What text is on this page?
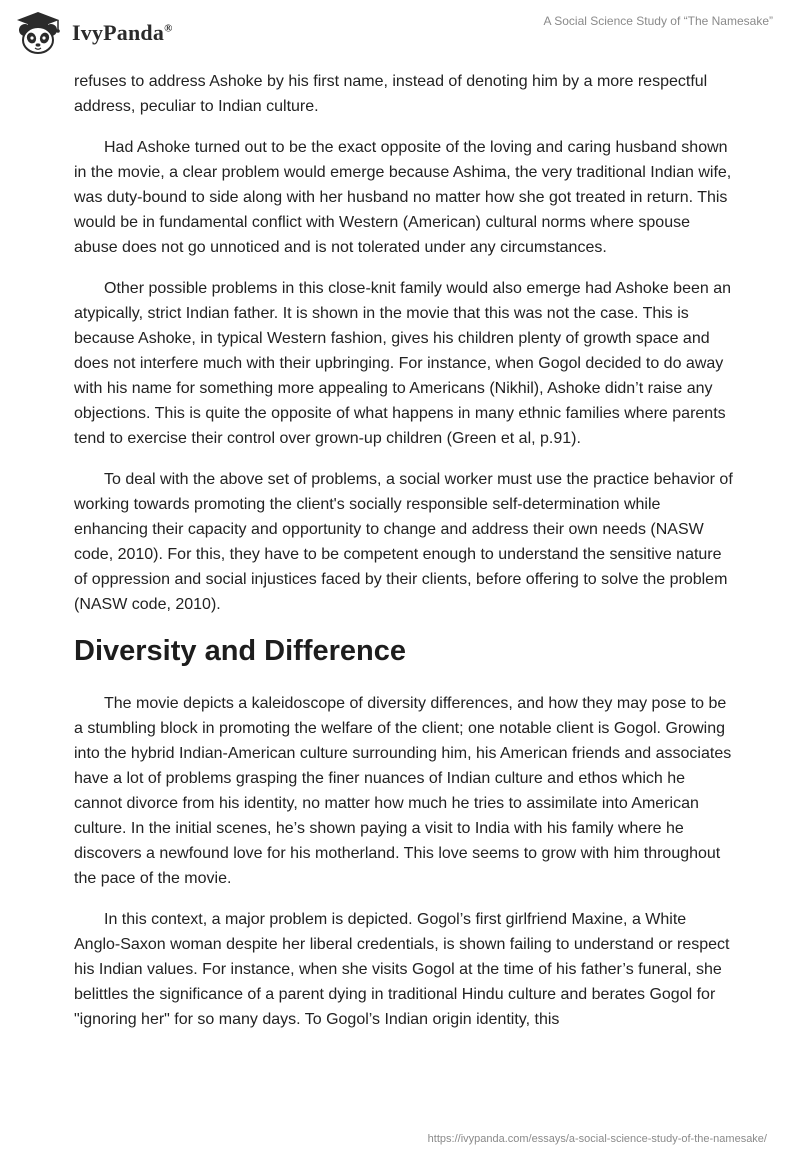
IvyPanda®
A Social Science Study of “The Namesake”

refuses to address Ashoke by his first name, instead of denoting him by a more respectful address, peculiar to Indian culture.

Had Ashoke turned out to be the exact opposite of the loving and caring husband shown in the movie, a clear problem would emerge because Ashima, the very traditional Indian wife, was duty-bound to side along with her husband no matter how she got treated in return. This would be in fundamental conflict with Western (American) cultural norms where spouse abuse does not go unnoticed and is not tolerated under any circumstances.

Other possible problems in this close-knit family would also emerge had Ashoke been an atypically, strict Indian father. It is shown in the movie that this was not the case. This is because Ashoke, in typical Western fashion, gives his children plenty of growth space and does not interfere much with their upbringing. For instance, when Gogol decided to do away with his name for something more appealing to Americans (Nikhil), Ashoke didn’t raise any objections. This is quite the opposite of what happens in many ethnic families where parents tend to exercise their control over grown-up children (Green et al, p.91).

To deal with the above set of problems, a social worker must use the practice behavior of working towards promoting the client's socially responsible self-determination while enhancing their capacity and opportunity to change and address their own needs (NASW code, 2010). For this, they have to be competent enough to understand the sensitive nature of oppression and social injustices faced by their clients, before offering to solve the problem (NASW code, 2010).

Diversity and Difference

The movie depicts a kaleidoscope of diversity differences, and how they may pose to be a stumbling block in promoting the welfare of the client; one notable client is Gogol. Growing into the hybrid Indian-American culture surrounding him, his American friends and associates have a lot of problems grasping the finer nuances of Indian culture and ethos which he cannot divorce from his identity, no matter how much he tries to assimilate into American culture. In the initial scenes, he’s shown paying a visit to India with his family where he discovers a newfound love for his motherland. This love seems to grow with him throughout the pace of the movie.

In this context, a major problem is depicted. Gogol’s first girlfriend Maxine, a White Anglo-Saxon woman despite her liberal credentials, is shown failing to understand or respect his Indian values. For instance, when she visits Gogol at the time of his father’s funeral, she belittles the significance of a parent dying in traditional Hindu culture and berates Gogol for "ignoring her" for so many days. To Gogol’s Indian origin identity, this

https://ivypanda.com/essays/a-social-science-study-of-the-namesake/
